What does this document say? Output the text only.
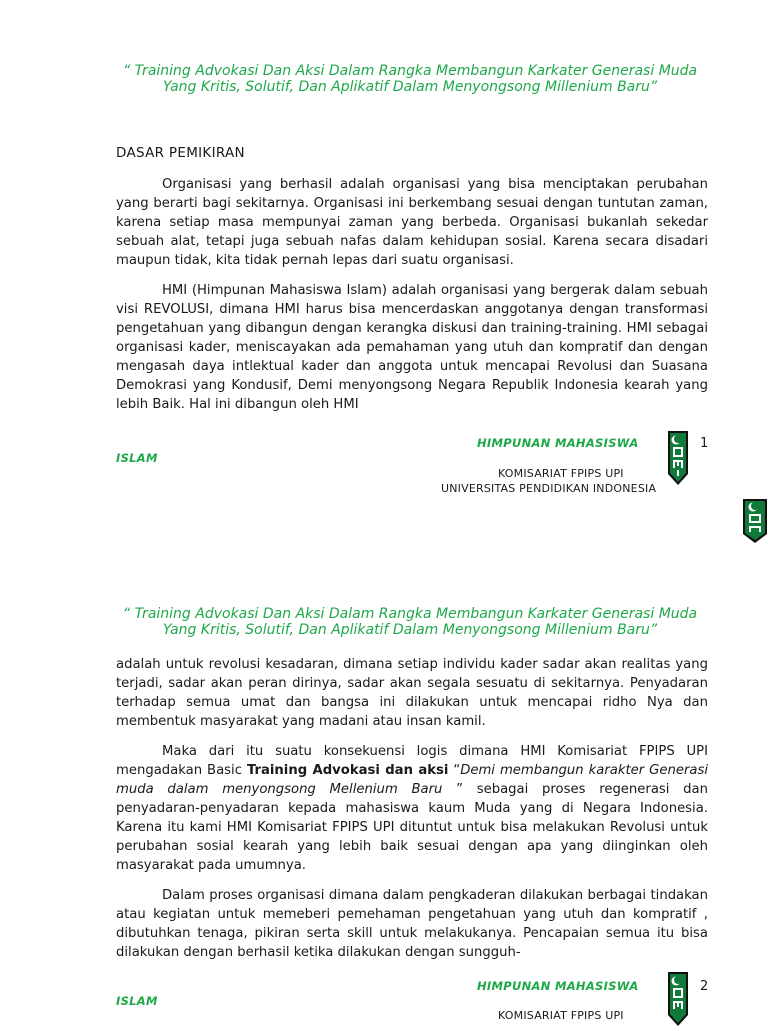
“ Training Advokasi Dan Aksi Dalam Rangka Membangun Karkater Generasi Muda Yang Kritis, Solutif, Dan Aplikatif Dalam Menyongsong Millenium Baru”
DASAR PEMIKIRAN

Organisasi yang berhasil adalah organisasi yang bisa menciptakan perubahan yang berarti bagi sekitarnya. Organisasi ini berkembang sesuai dengan tuntutan zaman, karena setiap masa mempunyai zaman yang berbeda. Organisasi bukanlah sekedar sebuah alat, tetapi juga sebuah nafas dalam kehidupan sosial. Karena secara disadari maupun tidak, kita tidak pernah lepas dari suatu organisasi.

HMI (Himpunan Mahasiswa Islam) adalah organisasi yang bergerak dalam sebuah visi REVOLUSI, dimana HMI harus bisa mencerdaskan anggotanya dengan transformasi pengetahuan yang dibangun dengan kerangka diskusi dan training-training. HMI sebagai organisasi kader, meniscayakan ada pemahaman yang utuh dan kompratif dan dengan mengasah daya intlektual kader dan anggota untuk mencapai Revolusi dan Suasana Demokrasi yang Kondusif, Demi menyongsong Negara Republik Indonesia kearah yang lebih Baik. Hal ini dibangun oleh HMI

HIMPUNAN MAHASISWA	1
ISLAM
KOMISARIAT FPIPS UPI
UNIVERSITAS PENDIDIKAN INDONESIA
“ Training Advokasi Dan Aksi Dalam Rangka Membangun Karkater Generasi Muda Yang Kritis, Solutif, Dan Aplikatif Dalam Menyongsong Millenium Baru”

adalah untuk revolusi kesadaran, dimana setiap individu kader sadar akan realitas yang terjadi, sadar akan peran dirinya, sadar akan segala sesuatu di sekitarnya. Penyadaran terhadap semua umat dan bangsa ini dilakukan untuk mencapai ridho Nya dan membentuk masyarakat yang madani atau insan kamil.

Maka dari itu suatu konsekuensi logis dimana HMI Komisariat FPIPS UPI mengadakan Basic Training Advokasi dan aksi “Demi membangun karakter Generasi muda dalam menyongsong Mellenium Baru ” sebagai proses regenerasi dan penyadaran-penyadaran kepada mahasiswa kaum Muda yang di Negara Indonesia. Karena itu kami HMI Komisariat FPIPS UPI dituntut untuk bisa melakukan Revolusi untuk perubahan sosial kearah yang lebih baik sesuai dengan apa yang diinginkan oleh masyarakat pada umumnya.

Dalam proses organisasi dimana dalam pengkaderan dilakukan berbagai tindakan atau kegiatan untuk memeberi pemehaman pengetahuan yang utuh dan kompratif , dibutuhkan tenaga, pikiran serta skill untuk melakukanya. Pencapaian semua itu bisa dilakukan dengan berhasil ketika dilakukan dengan sungguh-

HIMPUNAN MAHASISWA	2
ISLAM
KOMISARIAT FPIPS UPI
